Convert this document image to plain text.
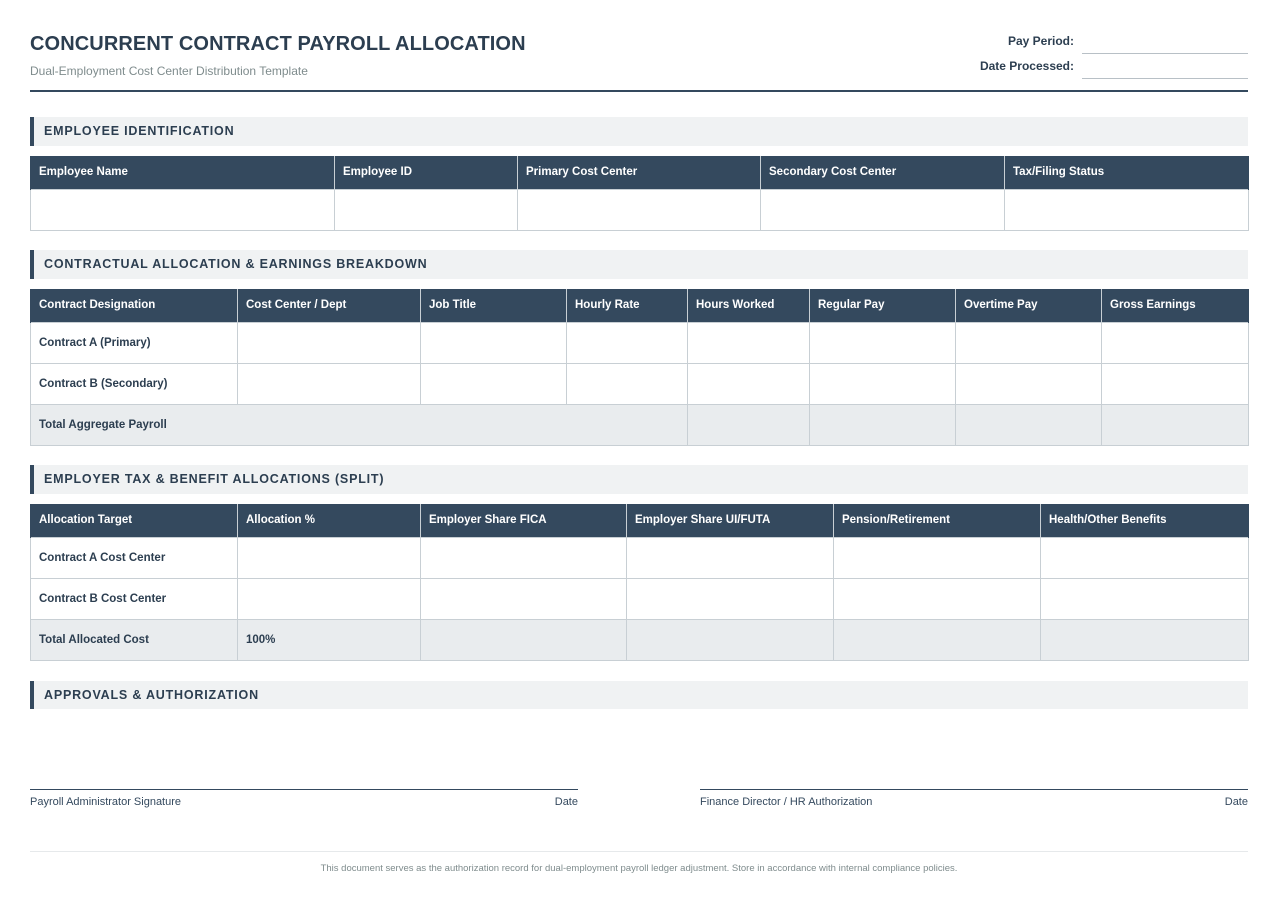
CONCURRENT CONTRACT PAYROLL ALLOCATION
Dual-Employment Cost Center Distribution Template
Pay Period:
Date Processed:
EMPLOYEE IDENTIFICATION
Employee Name	Employee ID	Primary Cost Center	Secondary Cost Center	Tax/Filing Status

CONTRACTUAL ALLOCATION & EARNINGS BREAKDOWN
Contract Designation	Cost Center / Dept	Job Title	Hourly Rate	Hours Worked	Regular Pay	Overtime Pay	Gross Earnings
Contract A (Primary)							
Contract B (Secondary)							
Total Aggregate Payroll							
EMPLOYER TAX & BENEFIT ALLOCATIONS (SPLIT)
Allocation Target	Allocation %	Employer Share FICA	Employer Share UI/FUTA	Pension/Retirement	Health/Other Benefits
Contract A Cost Center					
Contract B Cost Center					
Total Allocated Cost	100%				
APPROVALS & AUTHORIZATION
Payroll Administrator Signature	Date	Finance Director / HR Authorization	Date
This document serves as the authorization record for dual-employment payroll ledger adjustment. Store in accordance with internal compliance policies.
